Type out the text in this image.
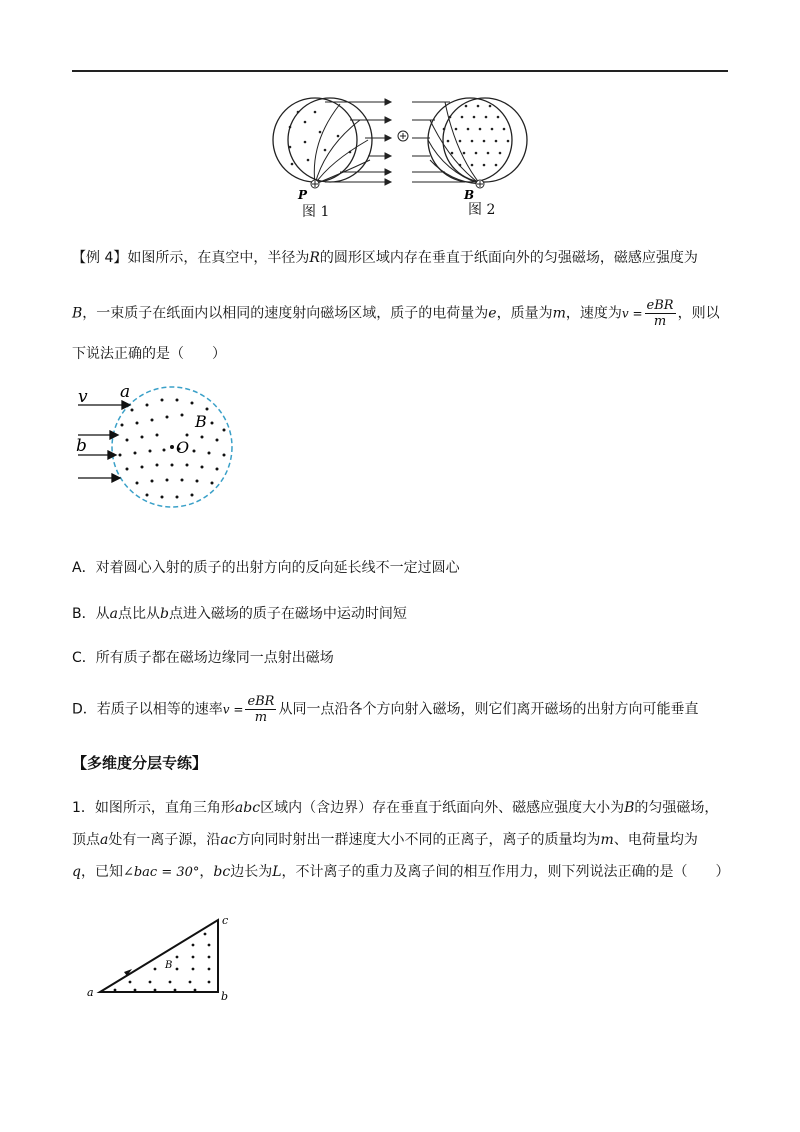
P	B
图 1	图 2
【例 4】如图所示，在真空中，半径为R的圆形区域内存在垂直于纸面向外的匀强磁场，磁感应强度为
B，一束质子在纸面内以相同的速度射向磁场区域，质子的电荷量为e，质量为m，速度为$v = \frac{\text{eBR}}{m}$ ，则以
下说法正确的是（　　）
v a
b
B
O
A．对着圆心入射的质子的出射方向的反向延长线不一定过圆心
B．从a点比从b点进入磁场的质子在磁场中运动时间短
C．所有质子都在磁场边缘同一点射出磁场
D．若质子以相等的速率$v = \frac{\text{eBR}}{m}$ 从同一点沿各个方向射入磁场，则它们离开磁场的出射方向可能垂直
【多维度分层专练】
1．如图所示，直角三角形abc区域内（含边界）存在垂直于纸面向外、磁感应强度大小为B的匀强磁场，
顶点a处有一离子源，沿ac方向同时射出一群速度大小不同的正离子，离子的质量均为m、电荷量均为
q，已知∠bac = 30°，bc边长为L，不计离子的重力及离子间的相互作用力，则下列说法正确的是（　　）
a	b
c
B
